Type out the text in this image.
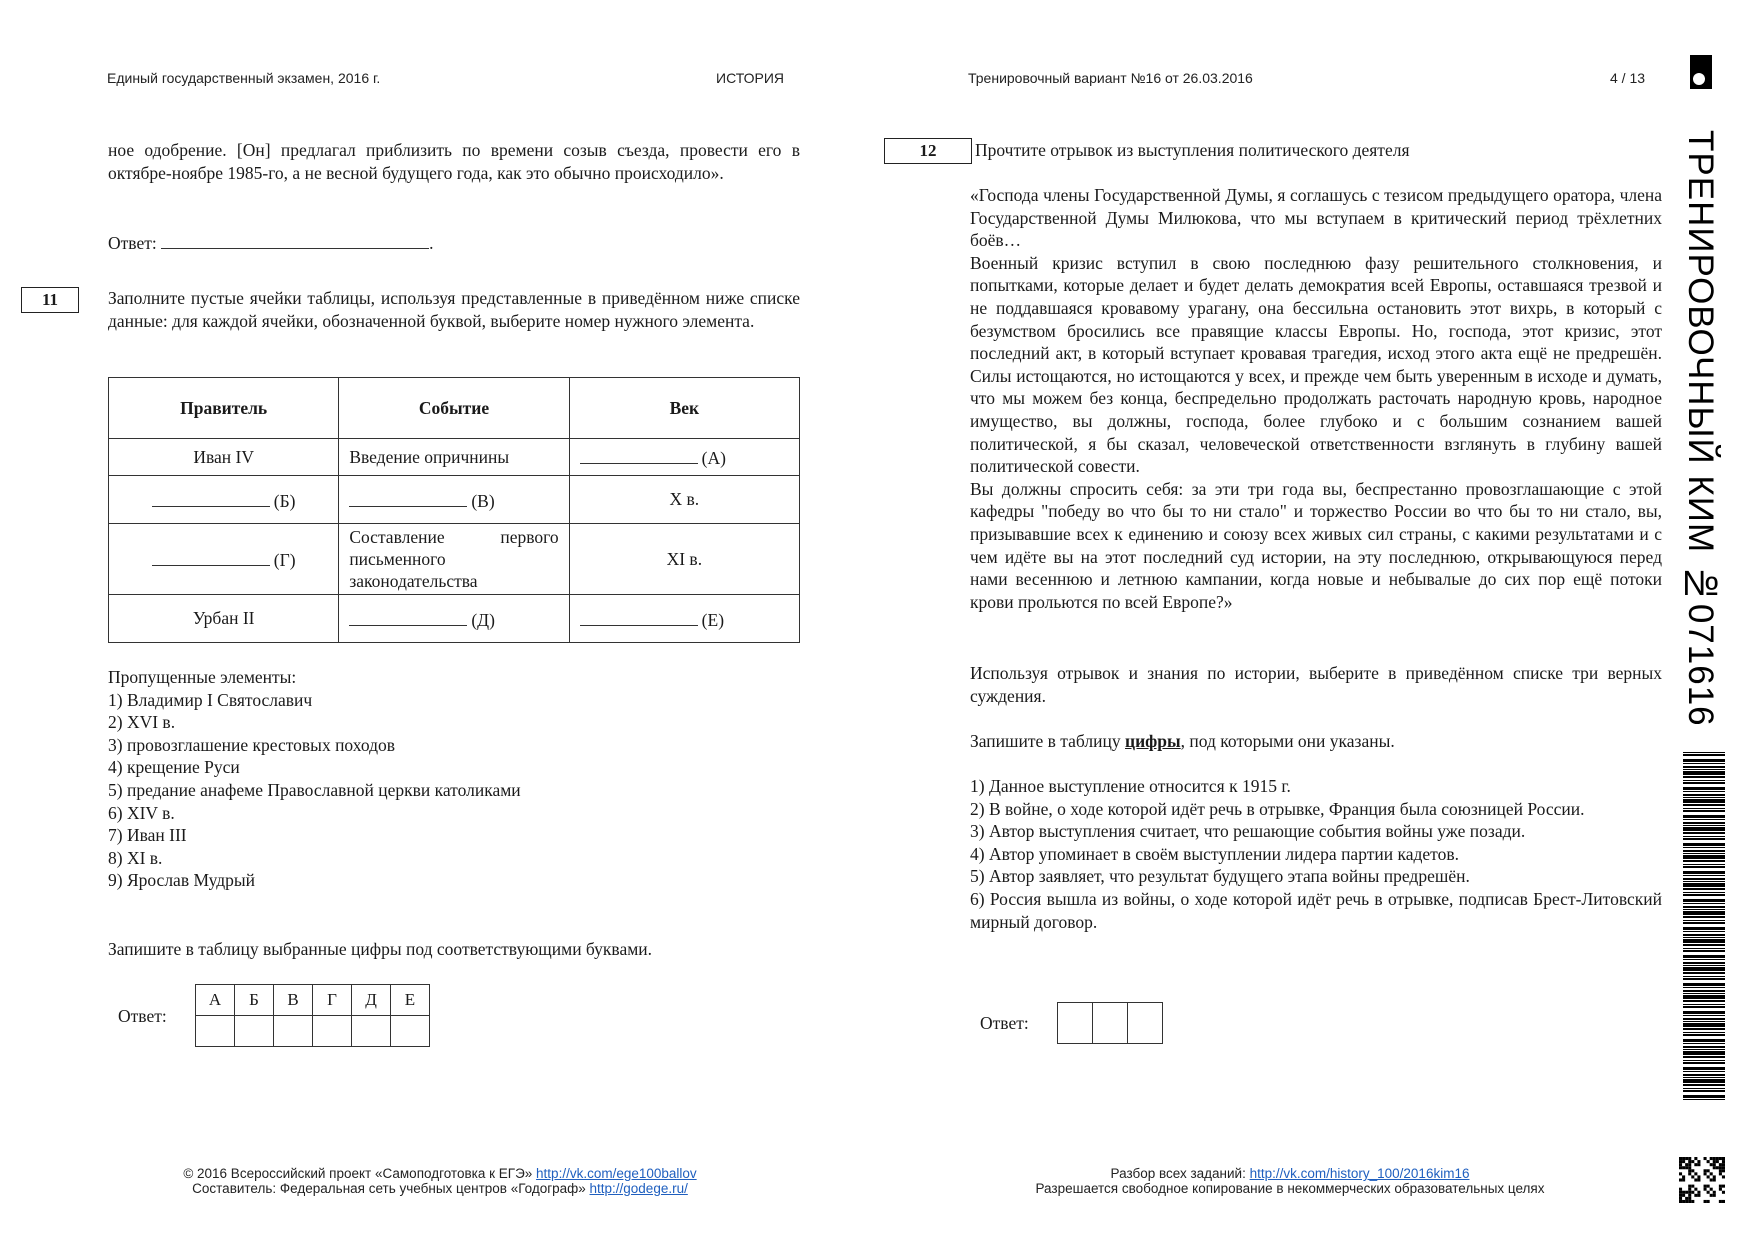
Единый государственный экзамен, 2016 г.	ИСТОРИЯ	Тренировочный вариант №16 от 26.03.2016	4 / 13
ное одобрение. [Он] предлагал приблизить по времени созыв съезда, провести его в октябре-ноябре 1985-го, а не весной будущего года, как это обычно происходило».
Ответ:	.
11	Заполните пустые ячейки таблицы, используя представленные в приведённом ниже списке данные: для каждой ячейки, обозначенной буквой, выберите номер нужного элемента.
Правитель	Событие	Век
Иван IV	Введение опричнины	(А)
(Б)	(В)	X в.
(Г)	Составление первого письменного законодательства	XI в.
Урбан II	(Д)	(Е)
Пропущенные элементы:
1) Владимир I Святославич
2) XVI в.
3) провозглашение крестовых походов
4) крещение Руси
5) предание анафеме Православной церкви католиками
6) XIV в.
7) Иван III
8) XI в.
9) Ярослав Мудрый
Запишите в таблицу выбранные цифры под соответствующими буквами.
Ответ:
А	Б	В	Г	Д	Е

12	Прочтите отрывок из выступления политического деятеля

«Господа члены Государственной Думы, я соглашусь с тезисом предыдущего оратора, члена Государственной Думы Милюкова, что мы вступаем в критический период трёхлетних боёв…

Военный кризис вступил в свою последнюю фазу решительного столкновения, и попытками, которые делает и будет делать демократия всей Европы, оставшаяся трезвой и не поддавшаяся кровавому урагану, она бессильна остановить этот вихрь, в который с безумством бросились все правящие классы Европы. Но, господа, этот кризис, этот последний акт, в который вступает кровавая трагедия, исход этого акта ещё не предрешён. Силы истощаются, но истощаются у всех, и прежде чем быть уверенным в исходе и думать, что мы можем без конца, беспредельно продолжать расточать народную кровь, народное имущество, вы должны, господа, более глубоко и с большим сознанием вашей политической, я бы сказал, человеческой ответственности взглянуть в глубину вашей политической совести.

Вы должны спросить себя: за эти три года вы, беспрестанно провозглашающие с этой кафедры "победу во что бы то ни стало" и торжество России во что бы то ни стало, вы, призывавшие всех к единению и союзу всех живых сил страны, с какими результатами и с чем идёте вы на этот последний суд истории, на эту последнюю, открывающуюся перед нами весеннюю и летнюю кампании, когда новые и небывалые до сих пор ещё потоки крови прольются по всей Европе?»

Используя отрывок и знания по истории, выберите в приведённом списке три верных суждения.
Запишите в таблицу цифры, под которыми они указаны.

1) Данное выступление относится к 1915 г.

2) В войне, о ходе которой идёт речь в отрывке, Франция была союзницей России.

3) Автор выступления считает, что решающие события войны уже позади.

4) Автор упоминает в своём выступлении лидера партии кадетов.

5) Автор заявляет, что результат будущего этапа войны предрешён.

6) Россия вышла из войны, о ходе которой идёт речь в отрывке, подписав Брест-Литовский мирный договор.

Ответ:

© 2016 Всероссийский проект «Самоподготовка к ЕГЭ» http://vk.com/ege100ballov
Составитель: Федеральная сеть учебных центров «Годограф» http://godege.ru/
Разбор всех заданий: http://vk.com/history_100/2016kim16
Разрешается свободное копирование в некоммерческих образовательных целях
ТРЕНИРОВОЧНЫЙ КИМ №071616
